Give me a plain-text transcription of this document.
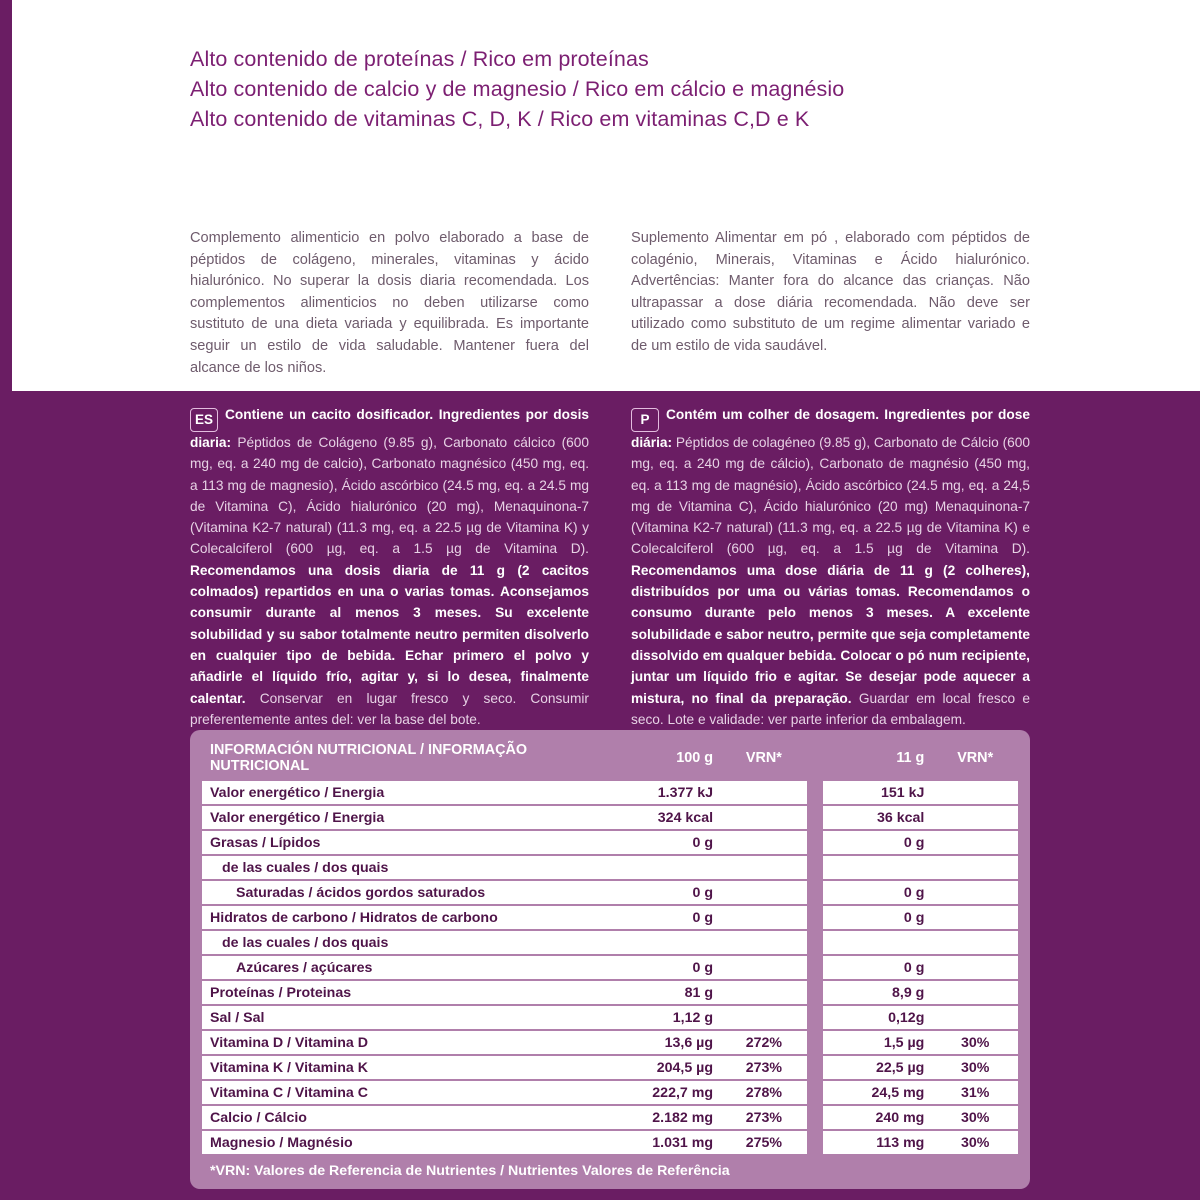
Alto contenido de proteínas / Rico em proteínas
Alto contenido de calcio y de magnesio / Rico em cálcio e magnésio
Alto contenido de vitaminas C, D, K / Rico em vitaminas C,D e K
Complemento alimenticio en polvo elaborado a base de péptidos de colágeno, minerales, vitaminas y ácido hialurónico. No superar la dosis diaria recomendada. Los complementos alimenticios no deben utilizarse como sustituto de una dieta variada y equilibrada. Es importante seguir un estilo de vida saludable. Mantener fuera del alcance de los niños.
Suplemento Alimentar em pó , elaborado com péptidos de colagénio, Minerais, Vitaminas e Ácido hialurónico. Advertências: Manter fora do alcance das crianças. Não ultrapassar a dose diária recomendada. Não deve ser utilizado como substituto de um regime alimentar variado e de um estilo de vida saudável.
ES Contiene un cacito dosificador. Ingredientes por dosis diaria: Péptidos de Colágeno (9.85 g), Carbonato cálcico (600 mg, eq. a 240 mg de calcio), Carbonato magnésico (450 mg, eq. a 113 mg de magnesio), Ácido ascórbico (24.5 mg, eq. a 24.5 mg de Vitamina C), Ácido hialurónico (20 mg), Menaquinona-7 (Vitamina K2-7 natural) (11.3 mg, eq. a 22.5 µg de Vitamina K) y Colecalciferol (600 µg, eq. a 1.5 µg de Vitamina D). Recomendamos una dosis diaria de 11 g (2 cacitos colmados) repartidos en una o varias tomas. Aconsejamos consumir durante al menos 3 meses. Su excelente solubilidad y su sabor totalmente neutro permiten disolverlo en cualquier tipo de bebida. Echar primero el polvo y añadirle el líquido frío, agitar y, si lo desea, finalmente calentar. Conservar en lugar fresco y seco. Consumir preferentemente antes del: ver la base del bote.
P Contém um colher de dosagem. Ingredientes por dose diária: Péptidos de colagéneo (9.85 g), Carbonato de Cálcio (600 mg, eq. a 240 mg de cálcio), Carbonato de magnésio (450 mg, eq. a 113 mg de magnésio), Ácido ascórbico (24.5 mg, eq. a 24,5 mg de Vitamina C), Ácido hialurónico (20 mg) Menaquinona-7 (Vitamina K2-7 natural) (11.3 mg, eq. a 22.5 µg de Vitamina K) e Colecalciferol (600 µg, eq. a 1.5 µg de Vitamina D). Recomendamos uma dose diária de 11 g (2 colheres), distribuídos por uma ou várias tomas. Recomendamos o consumo durante pelo menos 3 meses. A excelente solubilidade e sabor neutro, permite que seja completamente dissolvido em qualquer bebida. Colocar o pó num recipiente, juntar um líquido frio e agitar. Se desejar pode aquecer a mistura, no final da preparação. Guardar em local fresco e seco. Lote e validade: ver parte inferior da embalagem.
INFORMACIÓN NUTRICIONAL / INFORMAÇÃO NUTRICIONAL	100 g	VRN*		11 g	VRN*
Valor energético / Energia	1.377 kJ			151 kJ	
Valor energético / Energia	324 kcal			36 kcal	
Grasas / Lípidos	0 g			0 g	
de las cuales / dos quais					
Saturadas / ácidos gordos saturados	0 g			0 g	
Hidratos de carbono / Hidratos de carbono	0 g			0 g	
de las cuales / dos quais					
Azúcares / açúcares	0 g			0 g	
Proteínas / Proteinas	81 g			8,9 g	
Sal / Sal	1,12 g			0,12g	
Vitamina D / Vitamina D	13,6 µg	272%		1,5 µg	30%
Vitamina K / Vitamina K	204,5 µg	273%		22,5 µg	30%
Vitamina C / Vitamina C	222,7 mg	278%		24,5 mg	31%
Calcio / Cálcio	2.182 mg	273%		240 mg	30%
Magnesio / Magnésio	1.031 mg	275%		113 mg	30%
*VRN: Valores de Referencia de Nutrientes / Nutrientes Valores de Referência
